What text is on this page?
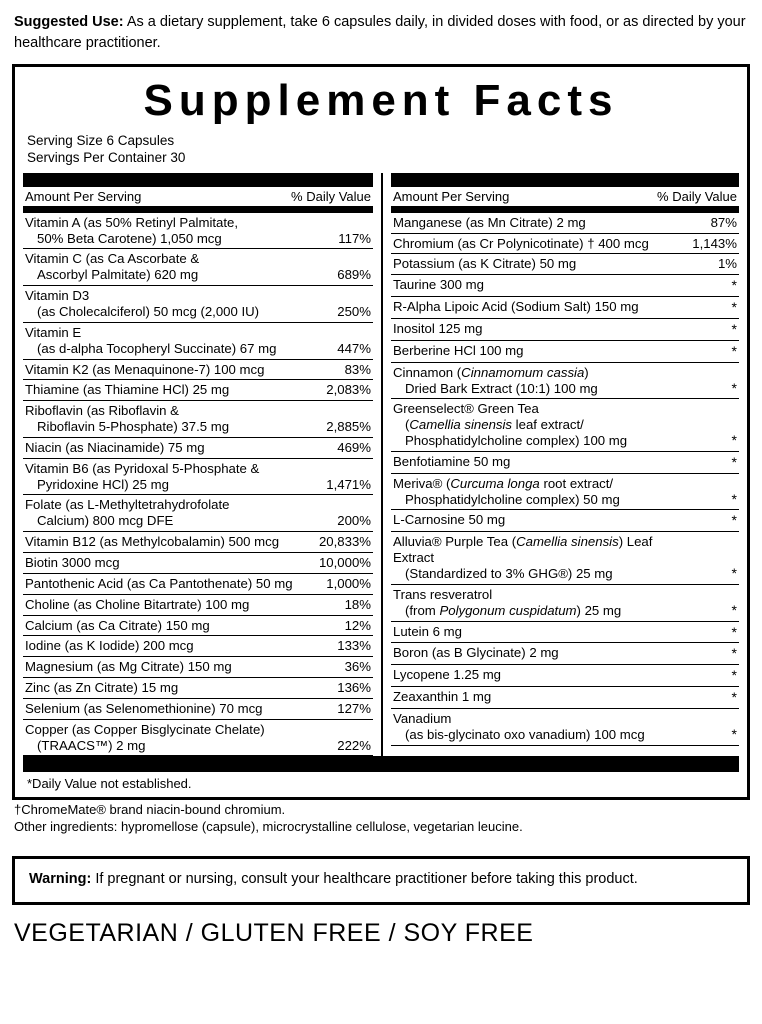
Suggested Use: As a dietary supplement, take 6 capsules daily, in divided doses with food, or as directed by your healthcare practitioner.
Supplement Facts
Serving Size 6 Capsules
Servings Per Container 30
Amount Per Serving	% Daily Value
Vitamin A (as 50% Retinyl Palmitate,
50% Beta Carotene) 1,050 mcg	117%
Vitamin C (as Ca Ascorbate &
Ascorbyl Palmitate) 620 mg	689%
Vitamin D3
(as Cholecalciferol) 50 mcg (2,000 IU)	250%
Vitamin E
(as d-alpha Tocopheryl Succinate) 67 mg	447%
Vitamin K2 (as Menaquinone-7) 100 mcg	83%
Thiamine (as Thiamine HCl) 25 mg	2,083%
Riboflavin (as Riboflavin &
Riboflavin 5-Phosphate) 37.5 mg	2,885%
Niacin (as Niacinamide) 75 mg	469%
Vitamin B6 (as Pyridoxal 5-Phosphate &
Pyridoxine HCl) 25 mg	1,471%
Folate (as L-Methyltetrahydrofolate
Calcium) 800 mcg DFE	200%
Vitamin B12 (as Methylcobalamin) 500 mcg	20,833%
Biotin 3000 mcg	10,000%
Pantothenic Acid (as Ca Pantothenate) 50 mg	1,000%
Choline (as Choline Bitartrate) 100 mg	18%
Calcium (as Ca Citrate) 150 mg	12%
Iodine (as K Iodide) 200 mcg	133%
Magnesium (as Mg Citrate) 150 mg	36%
Zinc (as Zn Citrate) 15 mg	136%
Selenium (as Selenomethionine) 70 mcg	127%
Copper (as Copper Bisglycinate Chelate)
(TRAACS™) 2 mg	222%
Amount Per Serving	% Daily Value
Manganese (as Mn Citrate) 2 mg	87%
Chromium (as Cr Polynicotinate) † 400 mcg	1,143%
Potassium (as K Citrate) 50 mg	1%
Taurine 300 mg	*
R-Alpha Lipoic Acid (Sodium Salt) 150 mg	*
Inositol 125 mg	*
Berberine HCl 100 mg	*
Cinnamon (Cinnamomum cassia)
Dried Bark Extract (10:1) 100 mg	*
Greenselect® Green Tea
(Camellia sinensis leaf extract/
Phosphatidylcholine complex) 100 mg	*
Benfotiamine 50 mg	*
Meriva® (Curcuma longa root extract/
Phosphatidylcholine complex) 50 mg	*
L-Carnosine 50 mg	*
Alluvia® Purple Tea (Camellia sinensis) Leaf Extract
(Standardized to 3% GHG®) 25 mg	*
Trans resveratrol
(from Polygonum cuspidatum) 25 mg	*
Lutein 6 mg	*
Boron (as B Glycinate) 2 mg	*
Lycopene 1.25 mg	*
Zeaxanthin 1 mg	*
Vanadium
(as bis-glycinato oxo vanadium) 100 mcg	*
*Daily Value not established.
†ChromeMate® brand niacin-bound chromium.
Other ingredients: hypromellose (capsule), microcrystalline cellulose, vegetarian leucine.
Warning: If pregnant or nursing, consult your healthcare practitioner before taking this product.
VEGETARIAN / GLUTEN FREE / SOY FREE
